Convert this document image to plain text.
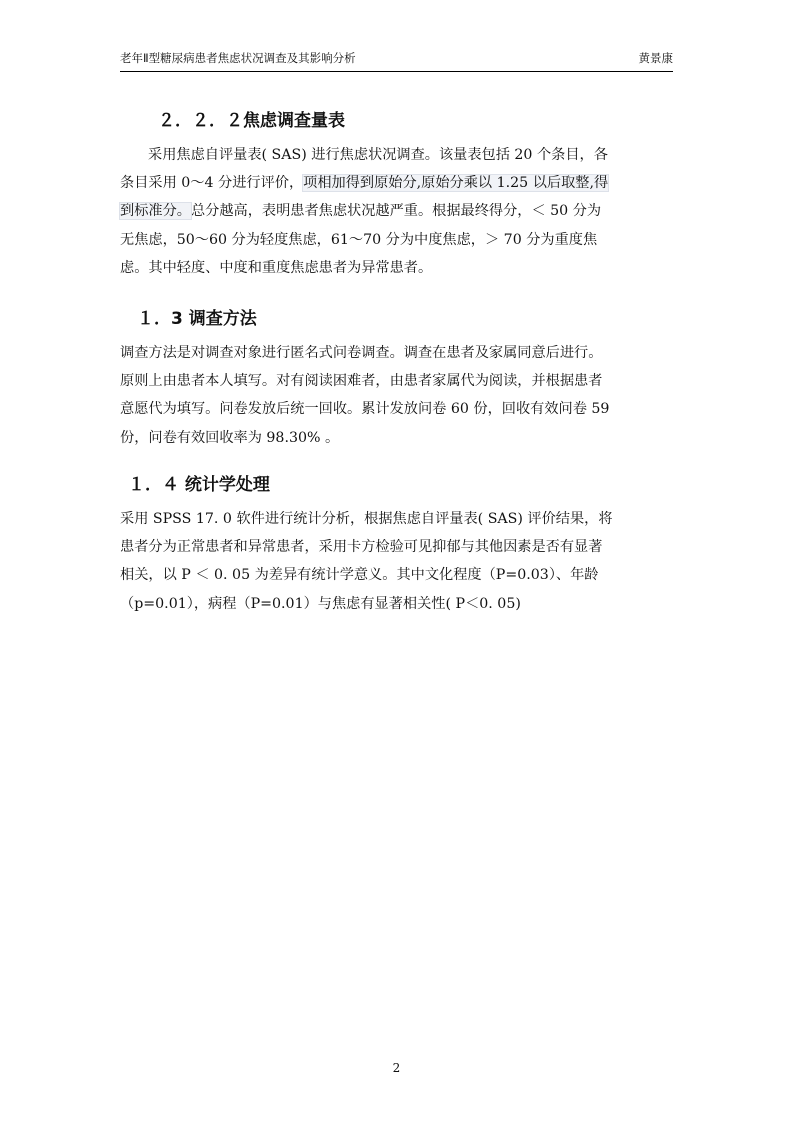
老年Ⅱ型糖尿病患者焦虑状况调查及其影响分析	黄景康
２．２．２焦虑调查量表
采用焦虑自评量表( SAS) 进行焦虑状况调查。该量表包括 20 个条目，各
条目采用 0～4 分进行评价，项相加得到原始分,原始分乘以 1.25 以后取整,得
到标准分。总分越高，表明患者焦虑状况越严重。根据最终得分，＜ 50 分为
无焦虑，50～60 分为轻度焦虑，61～70 分为中度焦虑，＞ 70 分为重度焦
虑。其中轻度、中度和重度焦虑患者为异常患者。
１．3 调查方法
调查方法是对调查对象进行匿名式问卷调查。调查在患者及家属同意后进行。
原则上由患者本人填写。对有阅读困难者，由患者家属代为阅读，并根据患者
意愿代为填写。问卷发放后统一回收。累计发放问卷 60 份，回收有效问卷 59
份，问卷有效回收率为 98.30% 。
１．４ 统计学处理
采用 SPSS 17. 0 软件进行统计分析，根据焦虑自评量表( SAS) 评价结果，将
患者分为正常患者和异常患者，采用卡方检验可见抑郁与其他因素是否有显著
相关，以 P ＜ 0. 05 为差异有统计学意义。其中文化程度（P=0.03）、年龄
（p=0.01），病程（P=0.01）与焦虑有显著相关性( P＜0. 05)
2
